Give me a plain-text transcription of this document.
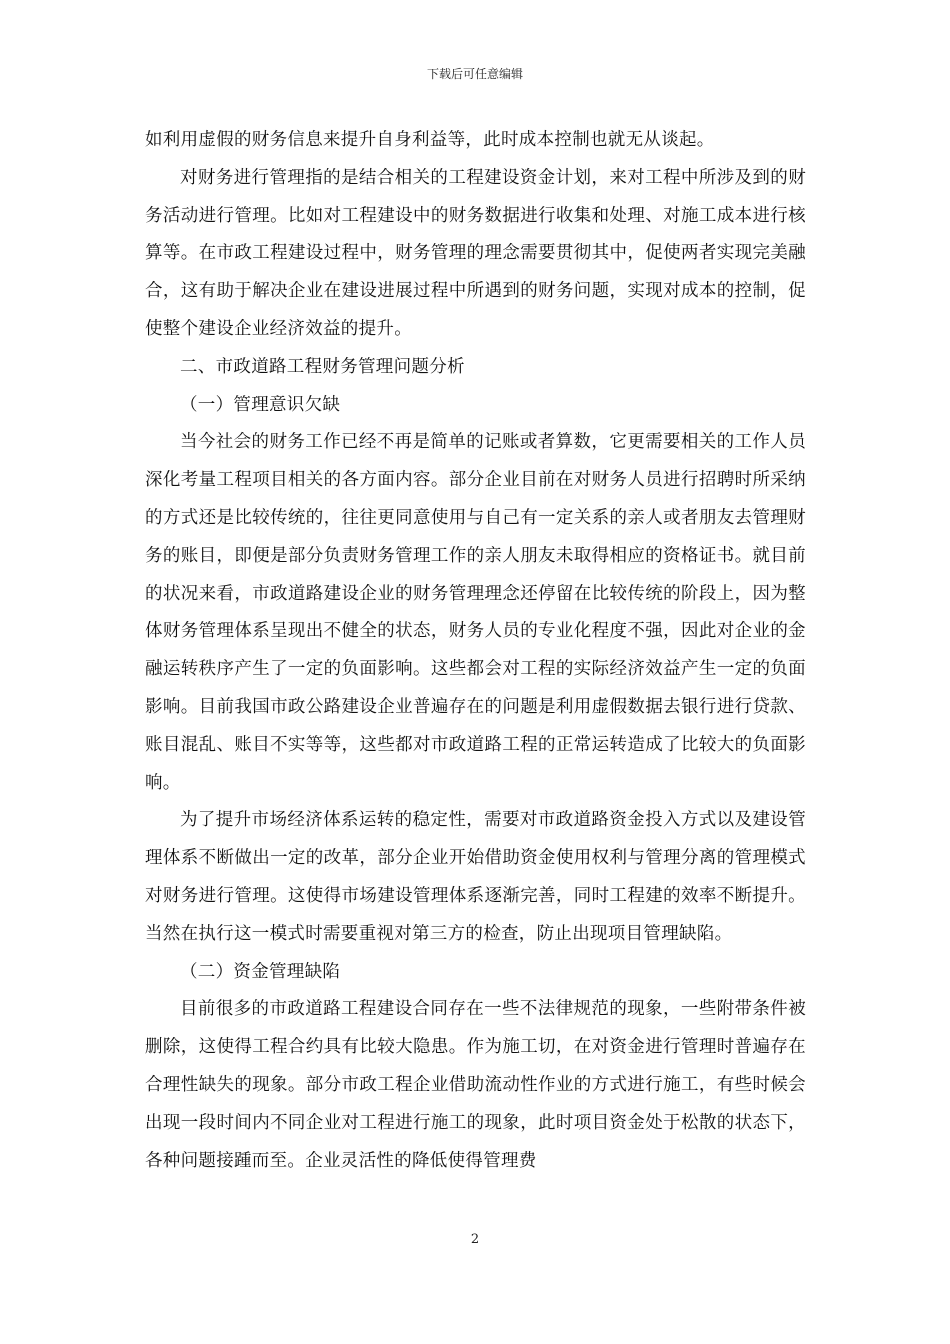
下载后可任意编辑

如利用虚假的财务信息来提升自身利益等，此时成本控制也就无从谈起。

对财务进行管理指的是结合相关的工程建设资金计划，来对工程中所涉及到的财务活动进行管理。比如对工程建设中的财务数据进行收集和处理、对施工成本进行核算等。在市政工程建设过程中，财务管理的理念需要贯彻其中，促使两者实现完美融合，这有助于解决企业在建设进展过程中所遇到的财务问题，实现对成本的控制，促使整个建设企业经济效益的提升。

二、市政道路工程财务管理问题分析

（一）管理意识欠缺

当今社会的财务工作已经不再是简单的记账或者算数，它更需要相关的工作人员深化考量工程项目相关的各方面内容。部分企业目前在对财务人员进行招聘时所采纳的方式还是比较传统的，往往更同意使用与自己有一定关系的亲人或者朋友去管理财务的账目，即便是部分负责财务管理工作的亲人朋友未取得相应的资格证书。就目前的状况来看，市政道路建设企业的财务管理理念还停留在比较传统的阶段上，因为整体财务管理体系呈现出不健全的状态，财务人员的专业化程度不强，因此对企业的金融运转秩序产生了一定的负面影响。这些都会对工程的实际经济效益产生一定的负面影响。目前我国市政公路建设企业普遍存在的问题是利用虚假数据去银行进行贷款、账目混乱、账目不实等等，这些都对市政道路工程的正常运转造成了比较大的负面影响。

为了提升市场经济体系运转的稳定性，需要对市政道路资金投入方式以及建设管理体系不断做出一定的改革，部分企业开始借助资金使用权利与管理分离的管理模式对财务进行管理。这使得市场建设管理体系逐渐完善，同时工程建的效率不断提升。当然在执行这一模式时需要重视对第三方的检查，防止出现项目管理缺陷。

（二）资金管理缺陷

目前很多的市政道路工程建设合同存在一些不法律规范的现象，一些附带条件被删除，这使得工程合约具有比较大隐患。作为施工切，在对资金进行管理时普遍存在合理性缺失的现象。部分市政工程企业借助流动性作业的方式进行施工，有些时候会出现一段时间内不同企业对工程进行施工的现象，此时项目资金处于松散的状态下，各种问题接踵而至。企业灵活性的降低使得管理费

2
